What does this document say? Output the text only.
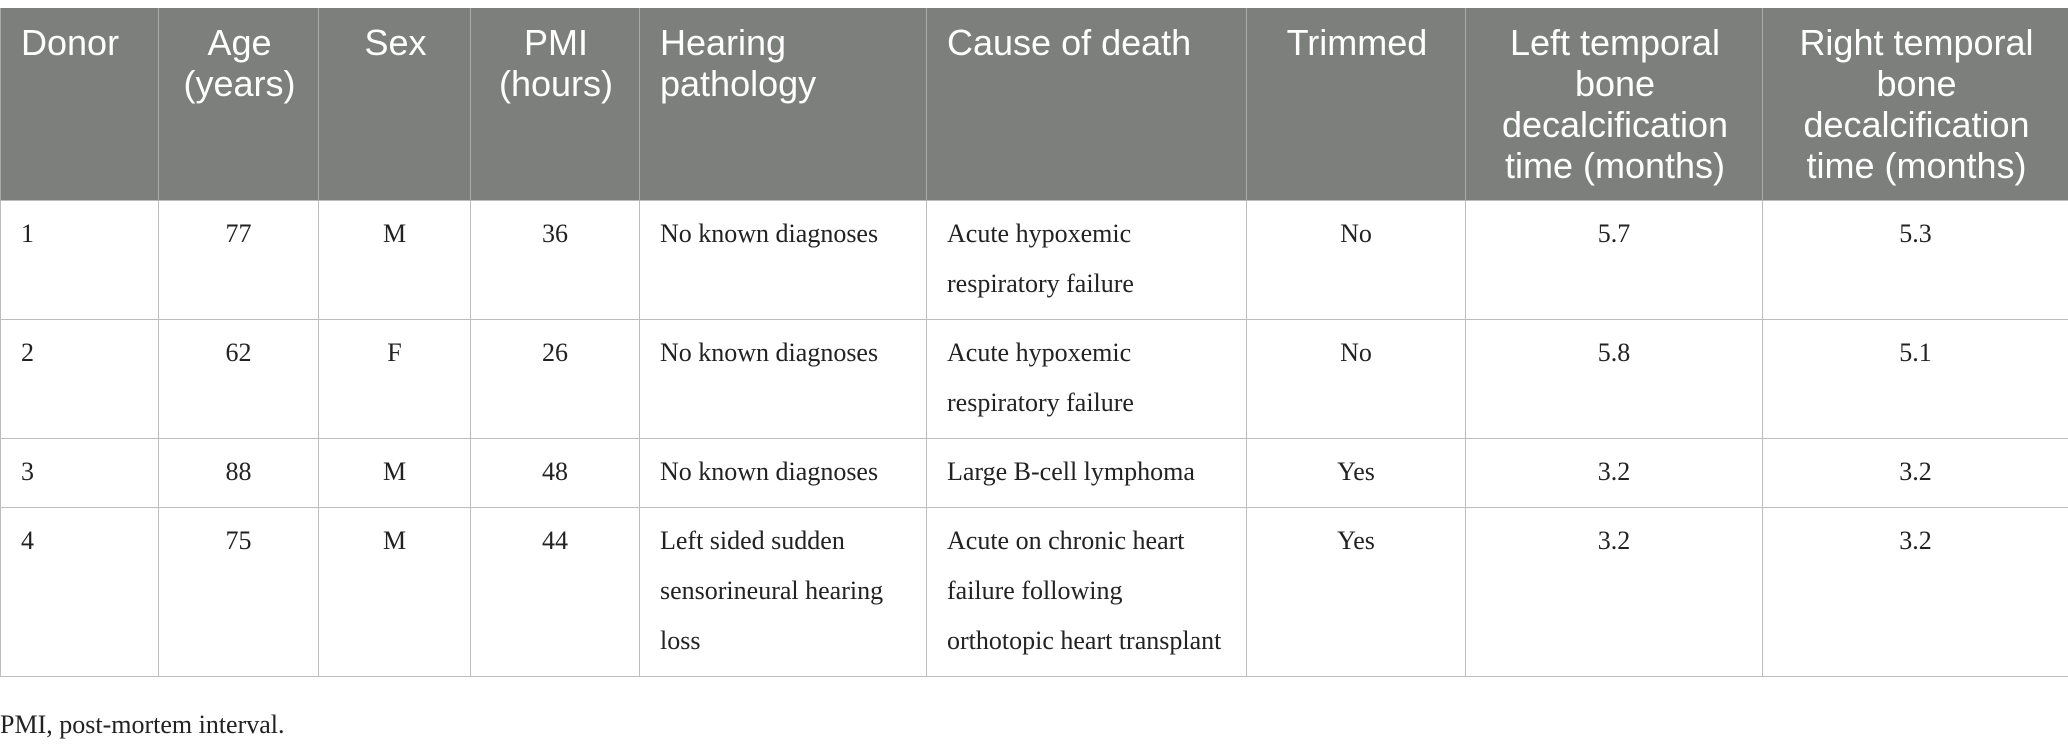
Donor	Age (years)	Sex	PMI (hours)	Hearing pathology	Cause of death	Trimmed	Left temporal bone decalcification time (months)	Right temporal bone decalcification time (months)
1	77	M	36	No known diagnoses	Acute hypoxemic respiratory failure	No	5.7	5.3
2	62	F	26	No known diagnoses	Acute hypoxemic respiratory failure	No	5.8	5.1
3	88	M	48	No known diagnoses	Large B-cell lymphoma	Yes	3.2	3.2
4	75	M	44	Left sided sudden sensorineural hearing loss	Acute on chronic heart failure following orthotopic heart transplant	Yes	3.2	3.2
PMI, post-mortem interval.
